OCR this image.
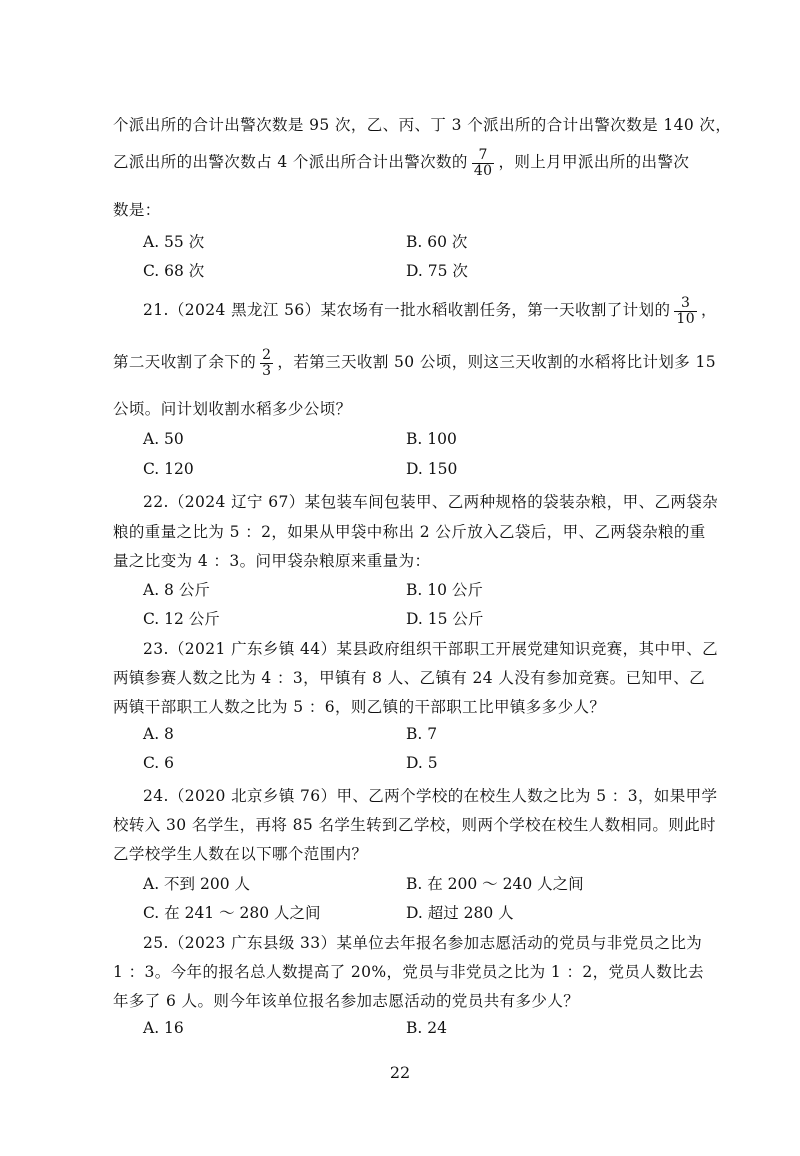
个派出所的合计出警次数是 95 次，乙、丙、丁 3 个派出所的合计出警次数是 140 次，
乙派出所的出警次数占 4 个派出所合计出警次数的 $\frac{7}{40}$ ，则上月甲派出所的出警次
数是：
A. 55 次	B. 60 次
C. 68 次	D. 75 次
21.（2024 黑龙江 56）某农场有一批水稻收割任务，第一天收割了计划的 $\frac{3}{10}$ ，
第二天收割了余下的 $\frac{2}{3}$ ，若第三天收割 50 公顷，则这三天收割的水稻将比计划多 15
公顷。问计划收割水稻多少公顷？
A. 50	B. 100
C. 120	D. 150
22.（2024 辽宁 67）某包装车间包装甲、乙两种规格的袋装杂粮，甲、乙两袋杂
粮的重量之比为 5 ：2，如果从甲袋中称出 2 公斤放入乙袋后，甲、乙两袋杂粮的重
量之比变为 4 ：3。问甲袋杂粮原来重量为：
A. 8 公斤	B. 10 公斤
C. 12 公斤	D. 15 公斤
23.（2021 广东乡镇 44）某县政府组织干部职工开展党建知识竞赛，其中甲、乙
两镇参赛人数之比为 4 ：3，甲镇有 8 人、乙镇有 24 人没有参加竞赛。已知甲、乙
两镇干部职工人数之比为 5 ：6，则乙镇的干部职工比甲镇多多少人？
A. 8	B. 7
C. 6	D. 5
24.（2020 北京乡镇 76）甲、乙两个学校的在校生人数之比为 5 ：3，如果甲学
校转入 30 名学生，再将 85 名学生转到乙学校，则两个学校在校生人数相同。则此时
乙学校学生人数在以下哪个范围内？
A. 不到 200 人	B. 在 200 ～ 240 人之间
C. 在 241 ～ 280 人之间	D. 超过 280 人
25.（2023 广东县级 33）某单位去年报名参加志愿活动的党员与非党员之比为
1 ：3。今年的报名总人数提高了 20%，党员与非党员之比为 1 ：2，党员人数比去
年多了 6 人。则今年该单位报名参加志愿活动的党员共有多少人？
A. 16	B. 24
22
